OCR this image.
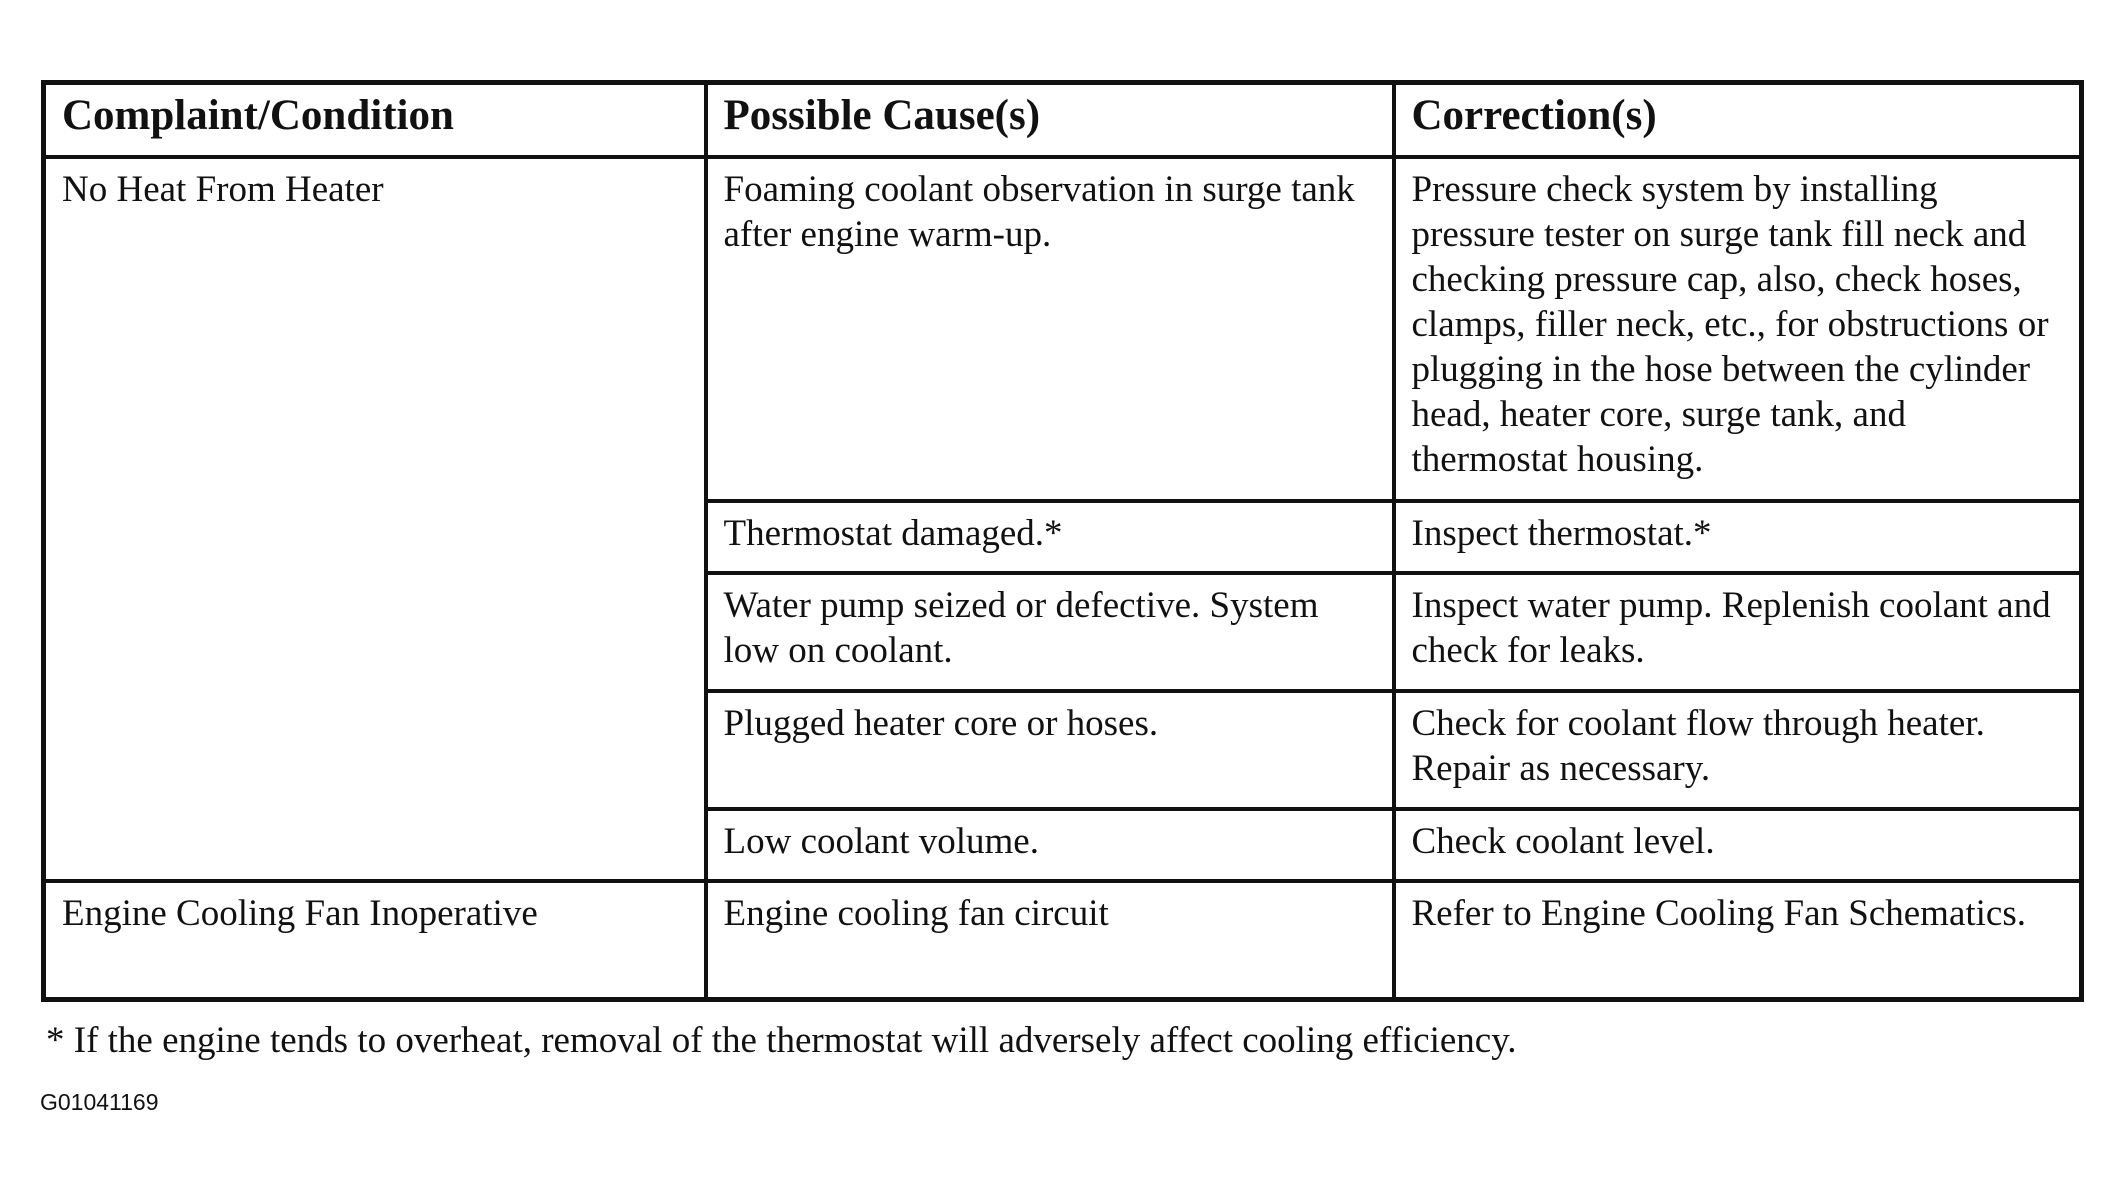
Complaint/Condition	Possible Cause(s)	Correction(s)
No Heat From Heater	Foaming coolant observation in surge tank after engine warm-up.	Pressure check system by installing pressure tester on surge tank fill neck and checking pressure cap, also, check hoses, clamps, filler neck, etc., for obstructions or plugging in the hose between the cylinder head, heater core, surge tank, and thermostat housing.
	Thermostat damaged.*	Inspect thermostat.*
	Water pump seized or defective. System low on coolant.	Inspect water pump. Replenish coolant and check for leaks.
	Plugged heater core or hoses.	Check for coolant flow through heater. Repair as necessary.
	Low coolant volume.	Check coolant level.
Engine Cooling Fan Inoperative	Engine cooling fan circuit	Refer to Engine Cooling Fan Schematics.
* If the engine tends to overheat, removal of the thermostat will adversely affect cooling efficiency.
G01041169
